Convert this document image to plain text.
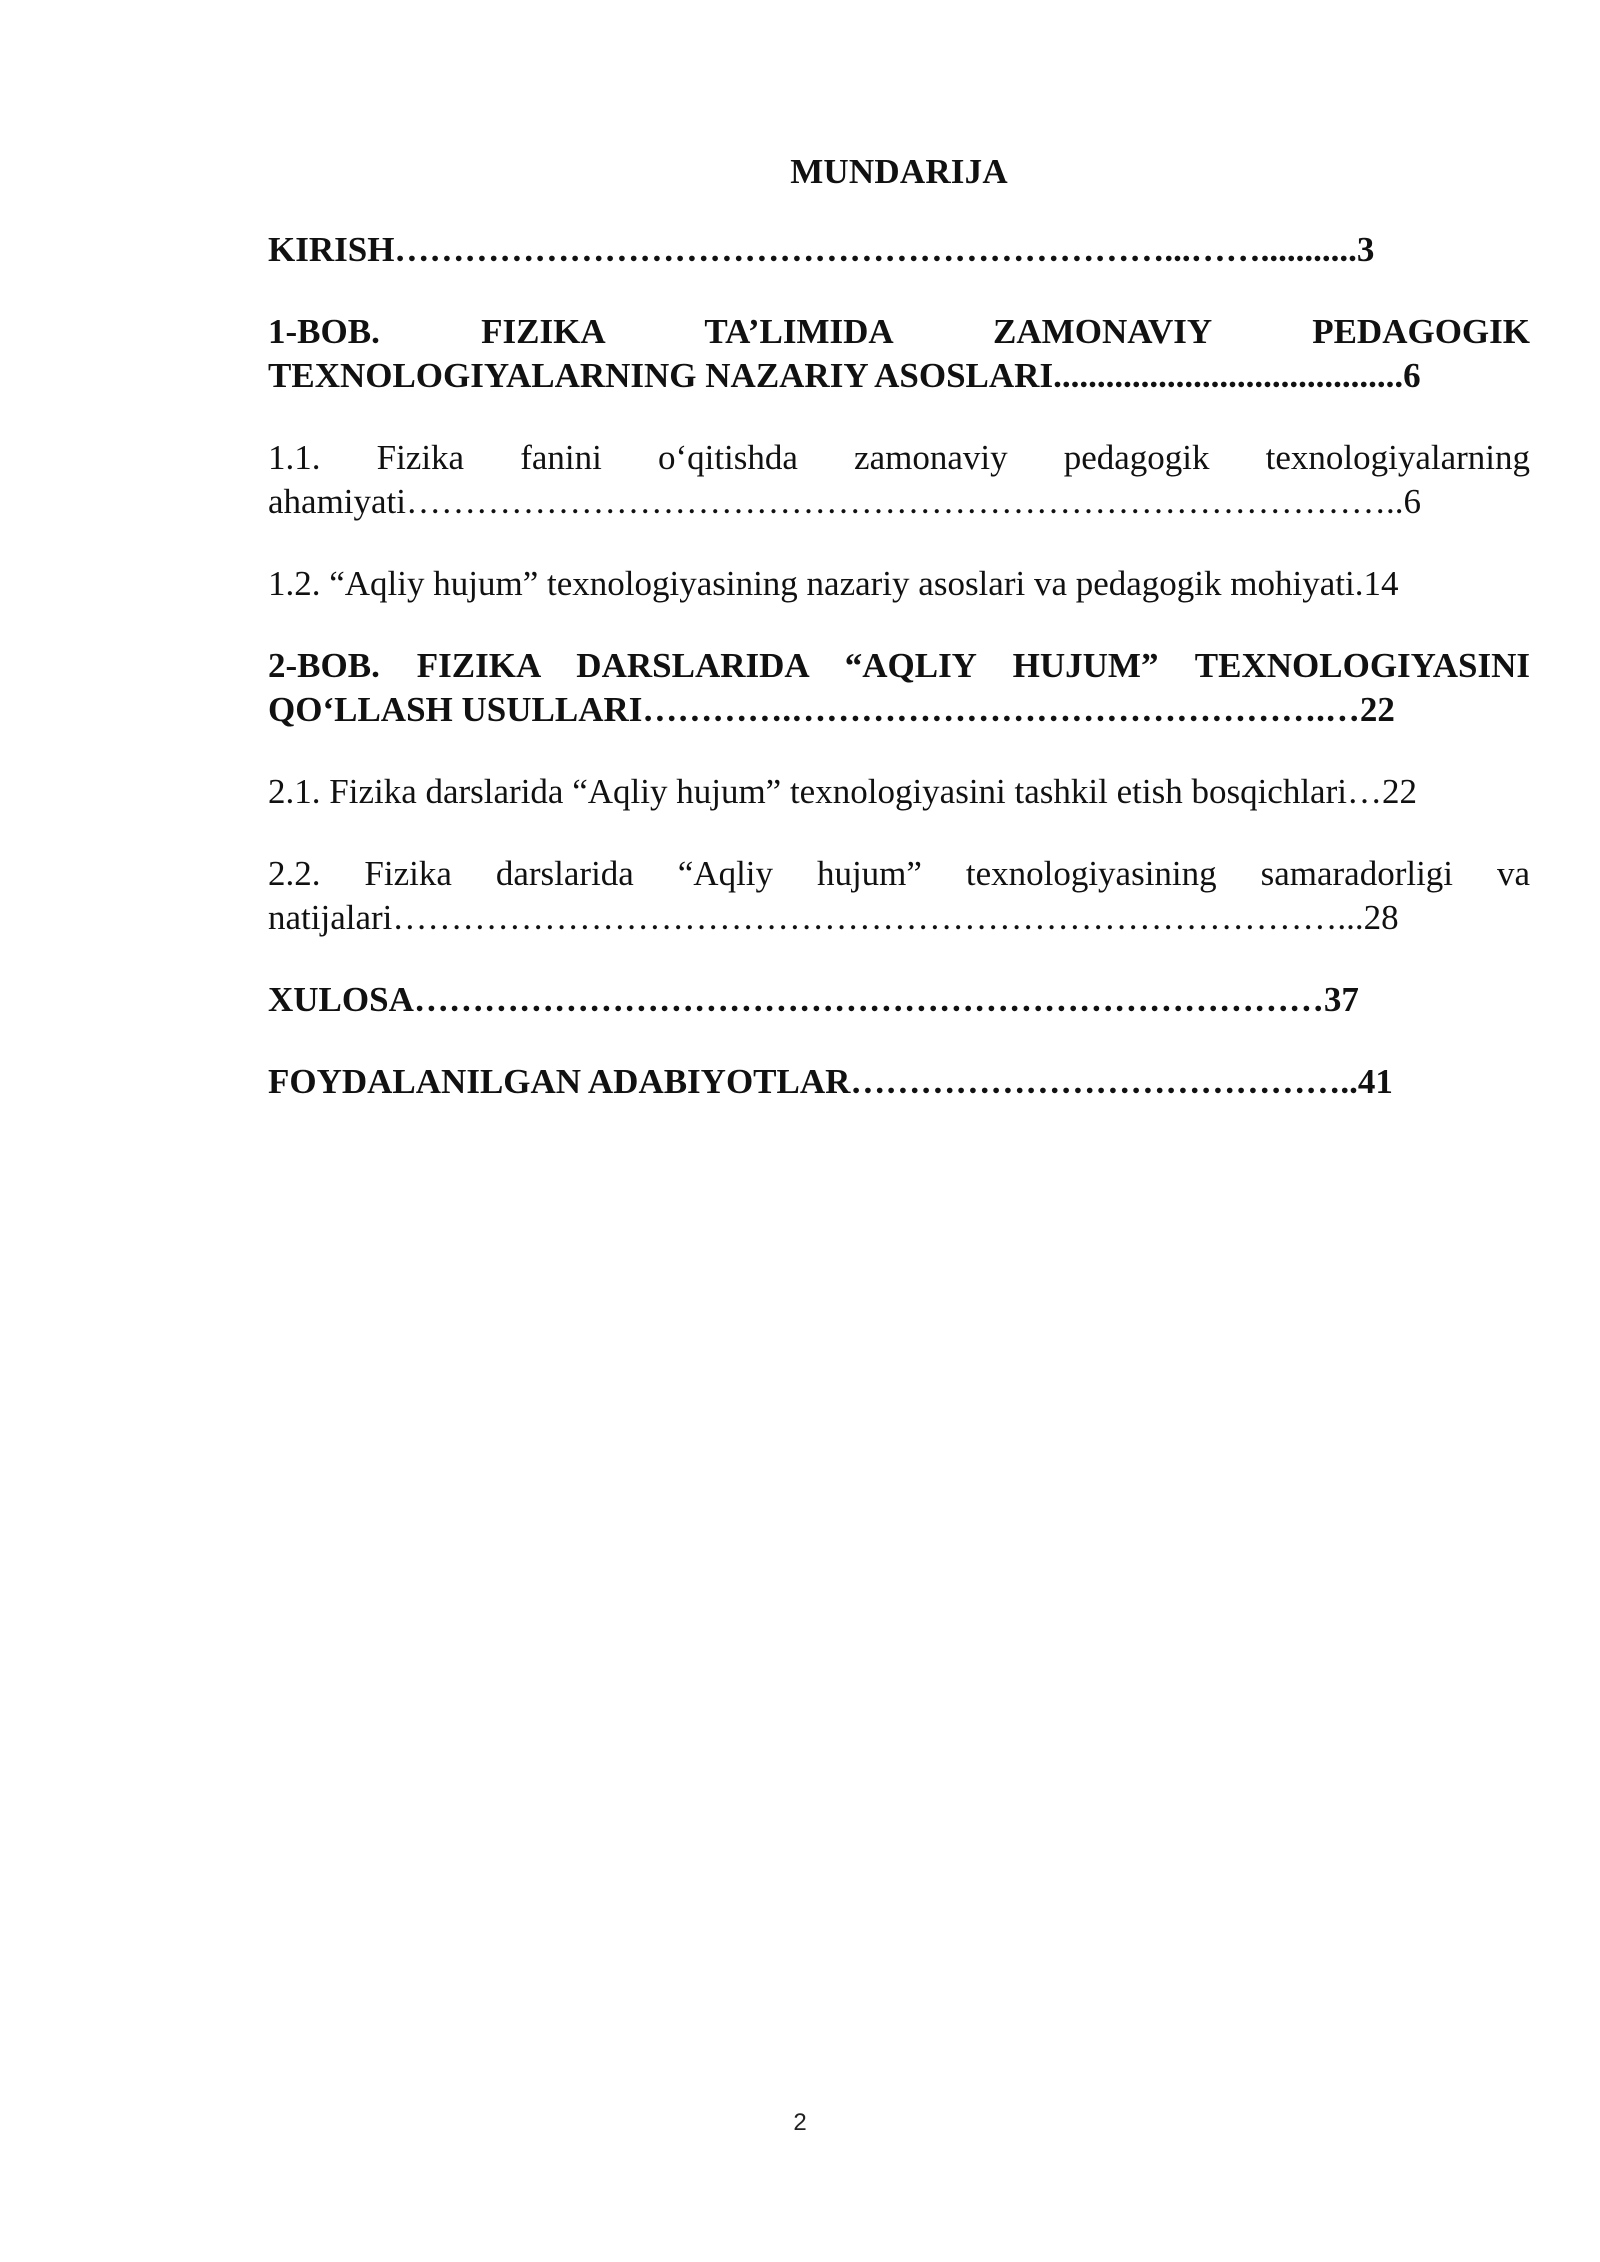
MUNDARIJA
KIRISH…………………………………………………………...……...........3
1-BOB. FIZIKA TA’LIMIDA ZAMONAVIY PEDAGOGIK TEXNOLOGIYALARNING NAZARIY ASOSLARI........................................6
1.1. Fizika fanini o‘qitishda zamonaviy pedagogik texnologiyalarning ahamiyati…………………………………………………………………………..6
1.2. “Aqliy hujum” texnologiyasining nazariy asoslari va pedagogik mohiyati.14
2-BOB. FIZIKA DARSLARIDA “AQLIY HUJUM” TEXNOLOGIYASINI QO‘LLASH USULLARI………….……………………………………….…22
2.1. Fizika darslarida “Aqliy hujum” texnologiyasini tashkil etish bosqichlari…22
2.2. Fizika darslarida “Aqliy hujum” texnologiyasining samaradorligi va natijalari………………………………………………………………………...28
XULOSA……………………………………………………………………37
FOYDALANILGAN ADABIYOTLAR……………………………………..41
2
